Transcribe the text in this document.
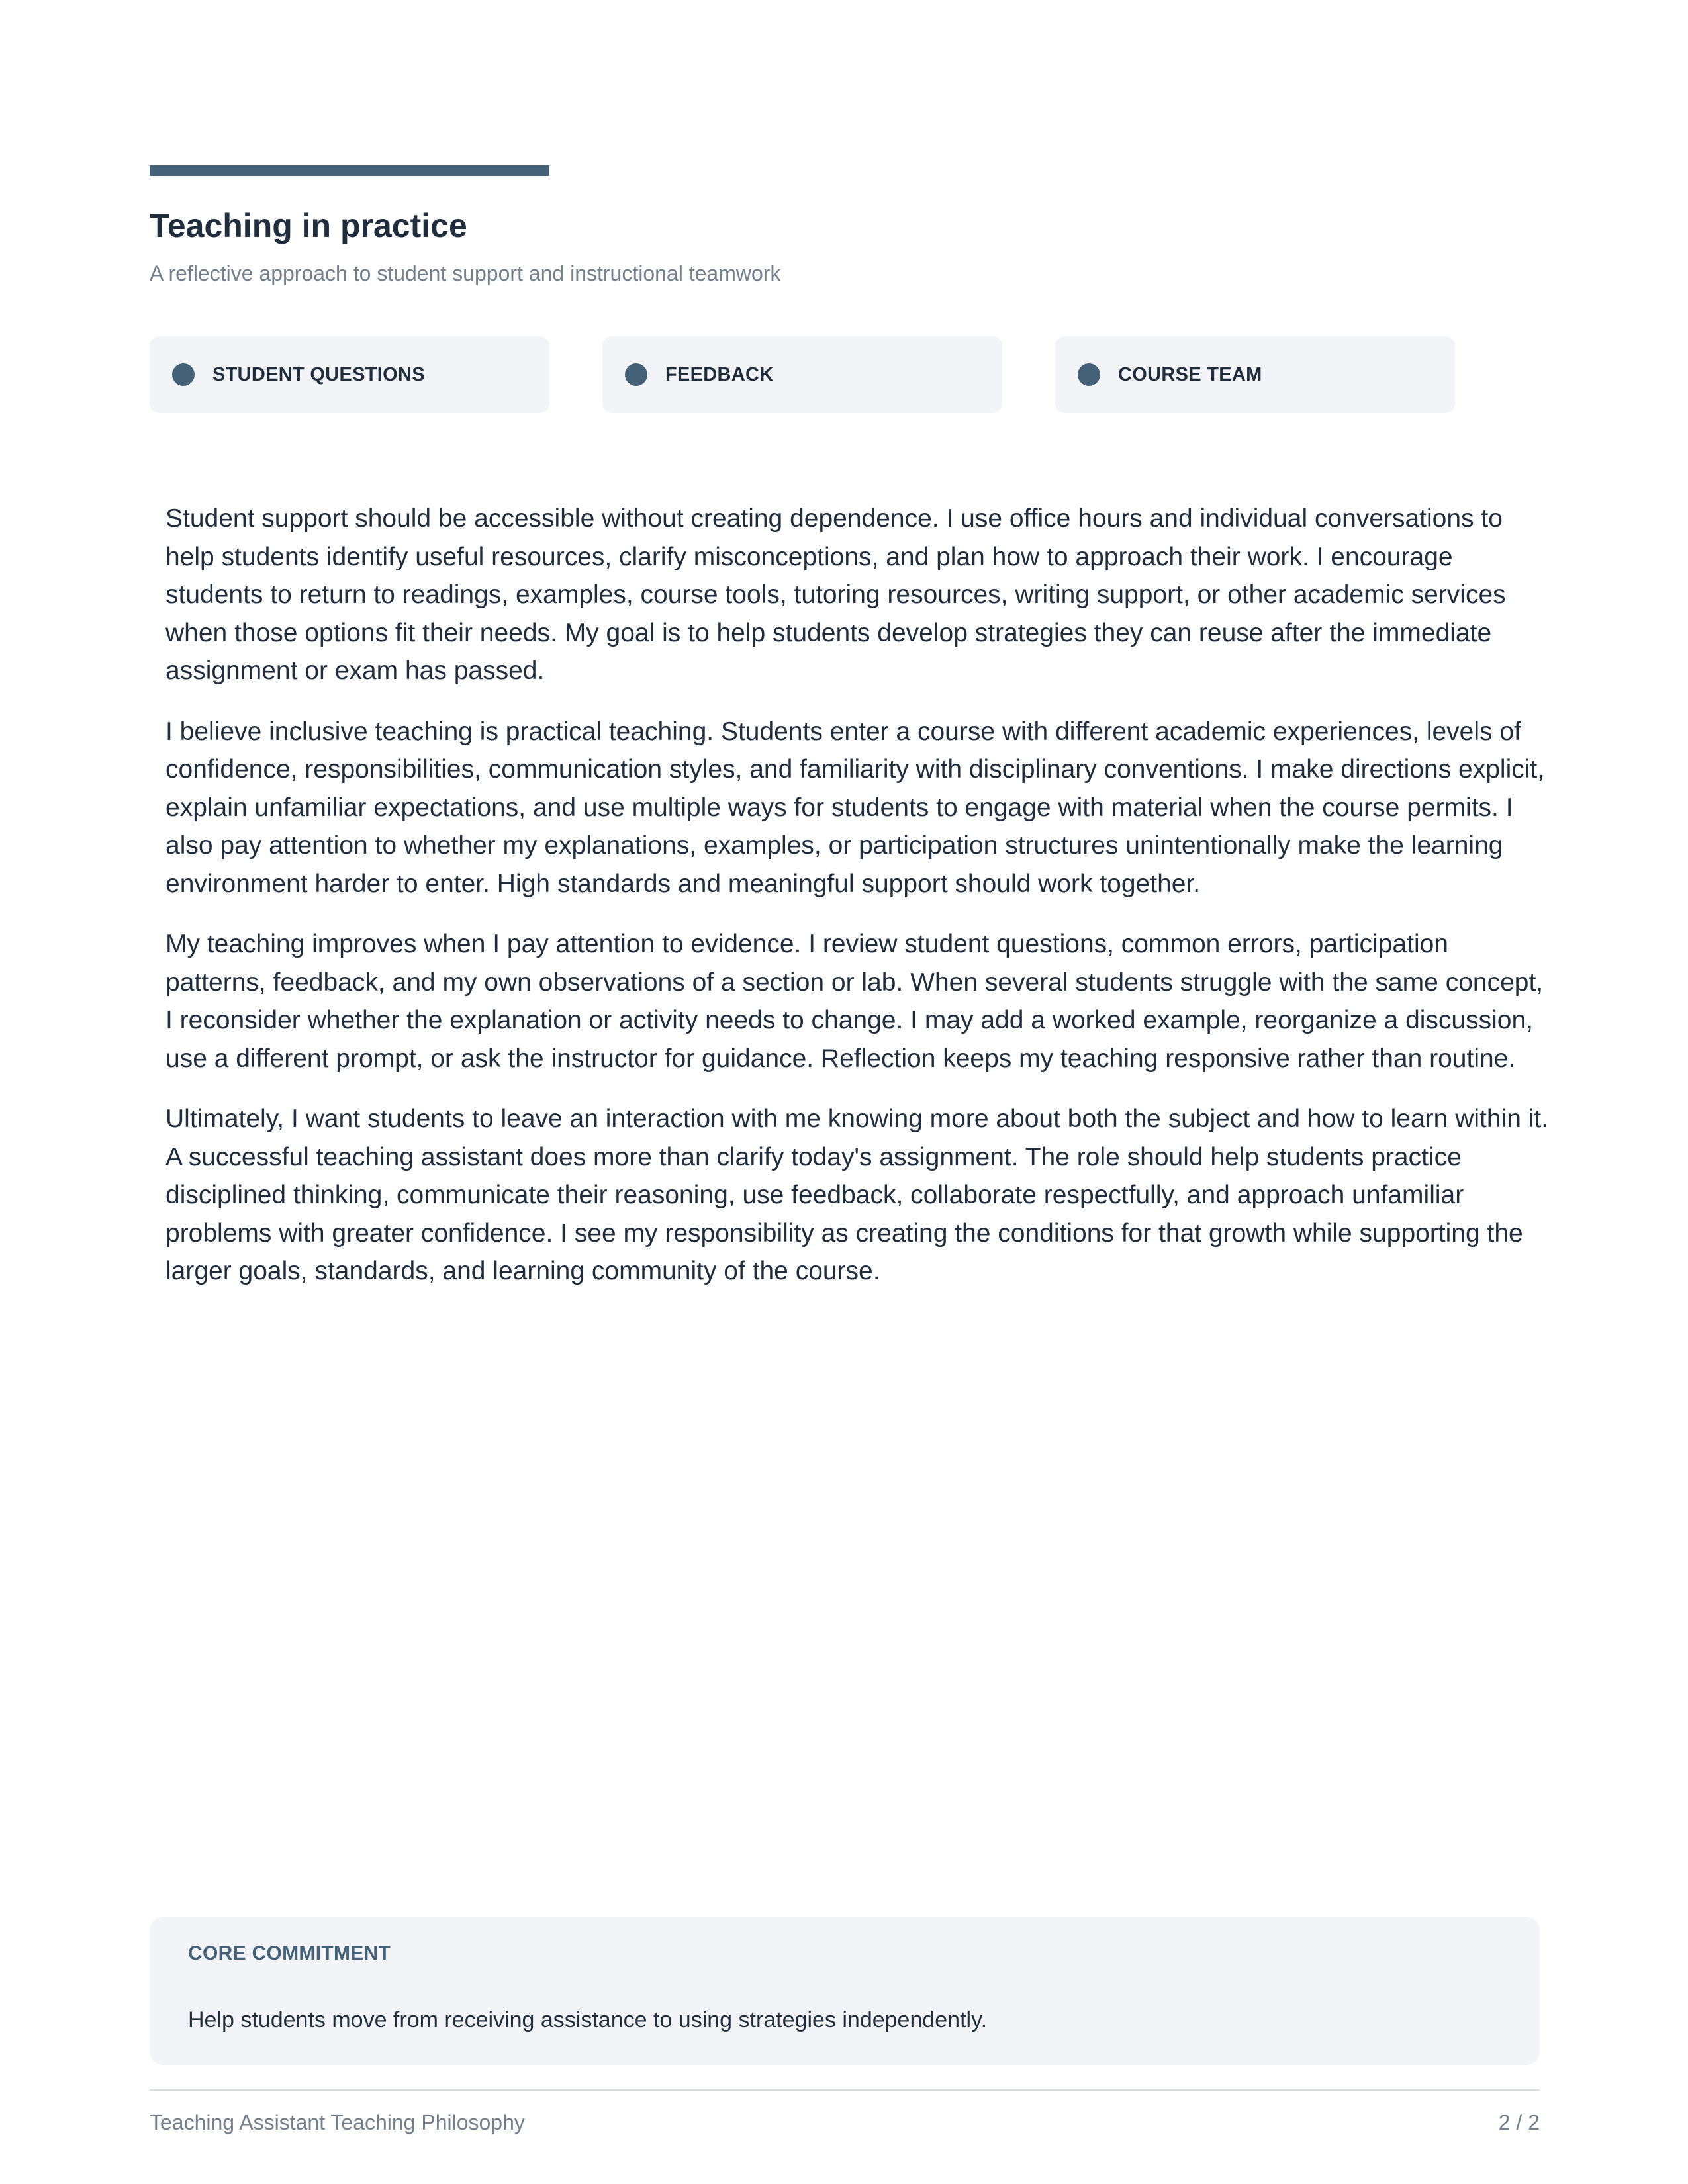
Teaching in practice

A reflective approach to student support and instructional teamwork

STUDENT QUESTIONS	FEEDBACK	COURSE TEAM

Student support should be accessible without creating dependence. I use office hours and individual conversations to help students identify useful resources, clarify misconceptions, and plan how to approach their work. I encourage students to return to readings, examples, course tools, tutoring resources, writing support, or other academic services when those options fit their needs. My goal is to help students develop strategies they can reuse after the immediate assignment or exam has passed.

I believe inclusive teaching is practical teaching. Students enter a course with different academic experiences, levels of confidence, responsibilities, communication styles, and familiarity with disciplinary conventions. I make directions explicit, explain unfamiliar expectations, and use multiple ways for students to engage with material when the course permits. I also pay attention to whether my explanations, examples, or participation structures unintentionally make the learning environment harder to enter. High standards and meaningful support should work together.

My teaching improves when I pay attention to evidence. I review student questions, common errors, participation patterns, feedback, and my own observations of a section or lab. When several students struggle with the same concept, I reconsider whether the explanation or activity needs to change. I may add a worked example, reorganize a discussion, use a different prompt, or ask the instructor for guidance. Reflection keeps my teaching responsive rather than routine.

Ultimately, I want students to leave an interaction with me knowing more about both the subject and how to learn within it. A successful teaching assistant does more than clarify today's assignment. The role should help students practice disciplined thinking, communicate their reasoning, use feedback, collaborate respectfully, and approach unfamiliar problems with greater confidence. I see my responsibility as creating the conditions for that growth while supporting the larger goals, standards, and learning community of the course.

CORE COMMITMENT
Help students move from receiving assistance to using strategies independently.
Teaching Assistant Teaching Philosophy	2 / 2
